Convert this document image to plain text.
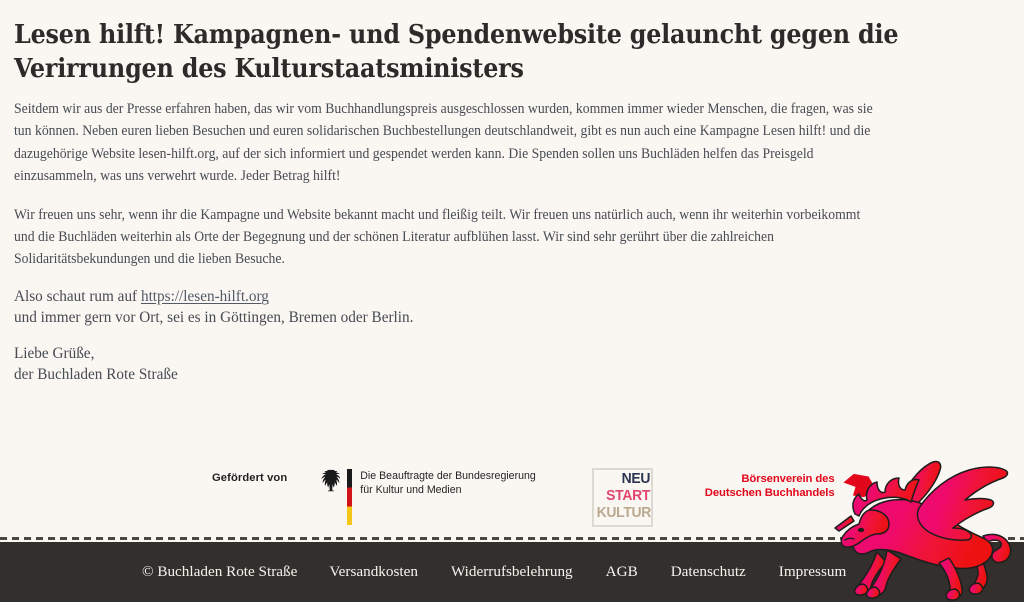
Lesen hilft! Kampagnen- und Spendenwebsite gelauncht gegen die Verirrungen des Kulturstaatsministers

Seitdem wir aus der Presse erfahren haben, das wir vom Buchhandlungspreis ausgeschlossen wurden, kommen immer wieder Menschen, die fragen, was sie tun können. Neben euren lieben Besuchen und euren solidarischen Buchbestellungen deutschlandweit, gibt es nun auch eine Kampagne Lesen hilft! und die dazugehörige Website lesen-hilft.org, auf der sich informiert und gespendet werden kann. Die Spenden sollen uns Buchläden helfen das Preisgeld einzusammeln, was uns verwehrt wurde. Jeder Betrag hilft!

Wir freuen uns sehr, wenn ihr die Kampagne und Website bekannt macht und fleißig teilt. Wir freuen uns natürlich auch, wenn ihr weiterhin vorbeikommt und die Buchläden weiterhin als Orte der Begegnung und der schönen Literatur aufblühen lasst. Wir sind sehr gerührt über die zahlreichen Solidaritätsbekundungen und die lieben Besuche.

Also schaut rum auf https://lesen-hilft.org
und immer gern vor Ort, sei es in Göttingen, Bremen oder Berlin.

Liebe Grüße,
der Buchladen Rote Straße

Gefördert von	Die Beauftragte der Bundesregierung
für Kultur und Medien
NEU
START
KULTUR
Börsenverein des
Deutschen Buchhandels
© Buchladen Rote Straße Versandkosten Widerrufsbelehrung AGB Datenschutz Impressum
